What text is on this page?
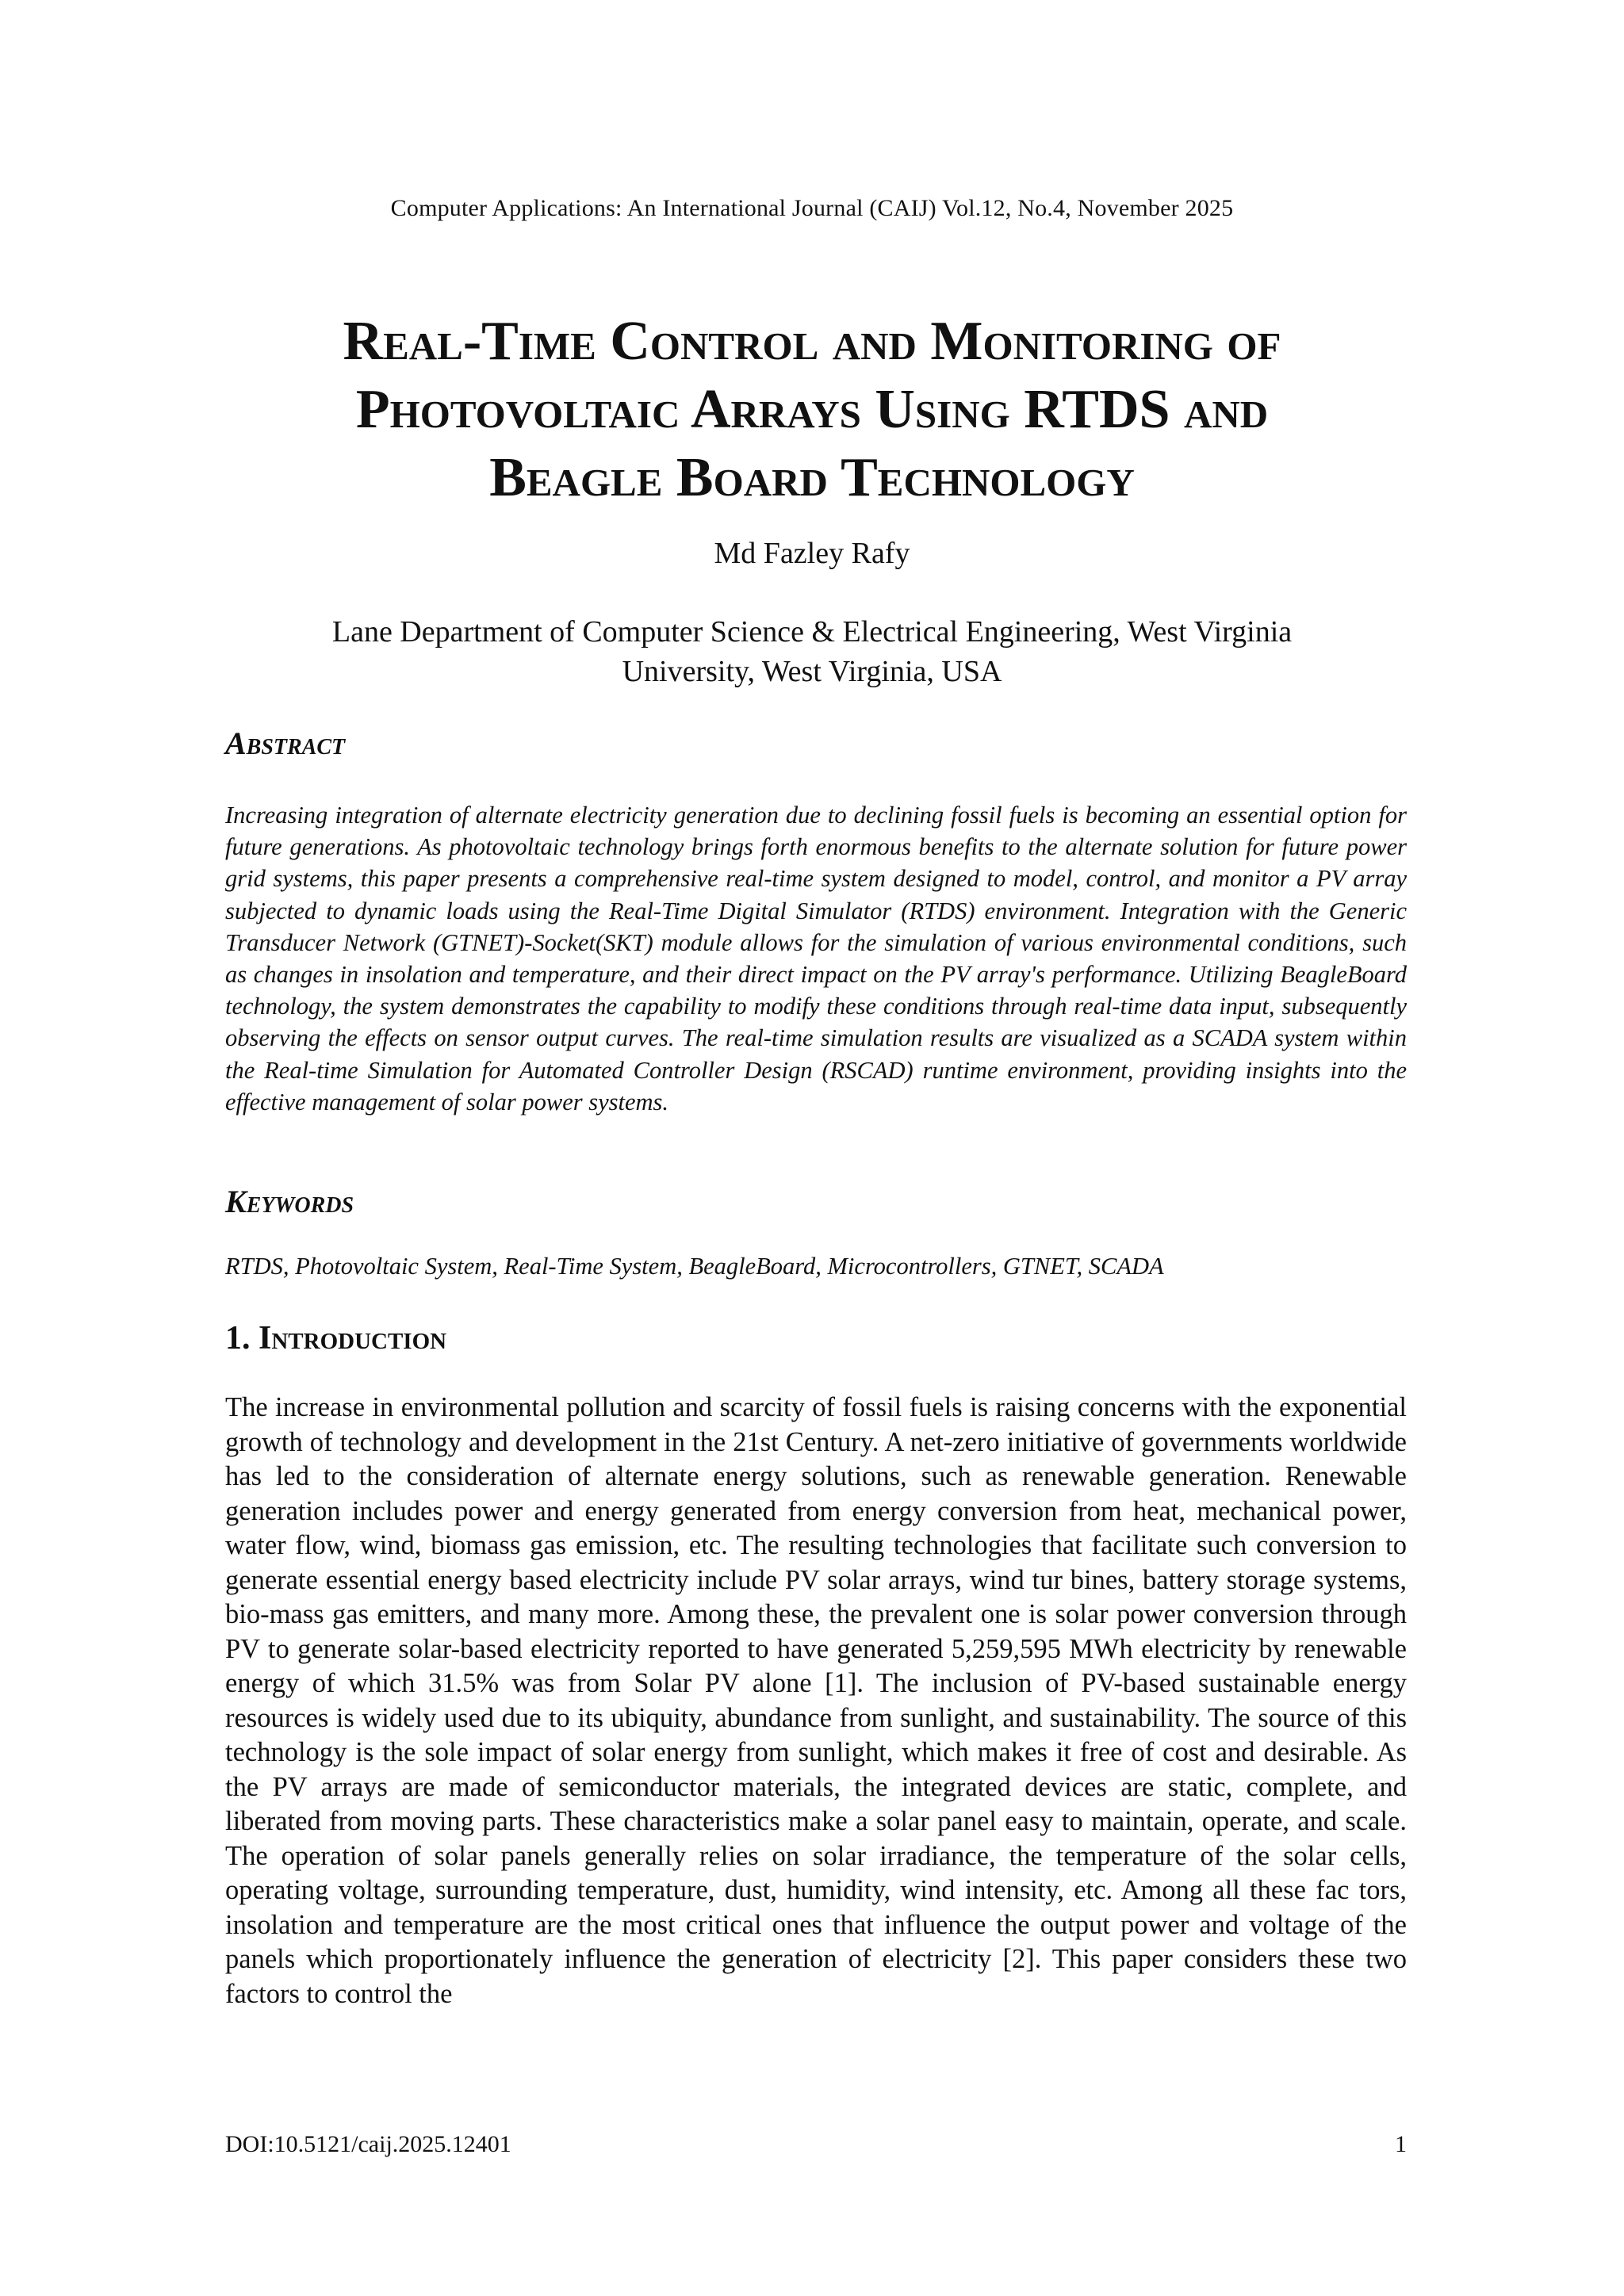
Computer Applications: An International Journal (CAIJ) Vol.12, No.4, November 2025
Real-Time Control and Monitoring of
Photovoltaic Arrays Using RTDS and
Beagle Board Technology
Md Fazley Rafy
Lane Department of Computer Science & Electrical Engineering, West Virginia
University, West Virginia, USA
Abstract
Increasing integration of alternate electricity generation due to declining fossil fuels is becoming an essential option for future generations. As photovoltaic technology brings forth enormous benefits to the alternate solution for future power grid systems, this paper presents a comprehensive real-time system designed to model, control, and monitor a PV array subjected to dynamic loads using the Real-Time Digital Simulator (RTDS) environment. Integration with the Generic Transducer Network (GTNET)-Socket(SKT) module allows for the simulation of various environmental conditions, such as changes in insolation and temperature, and their direct impact on the PV array's performance. Utilizing BeagleBoard technology, the system demonstrates the capability to modify these conditions through real-time data input, subsequently observing the effects on sensor output curves. The real-time simulation results are visualized as a SCADA system within the Real-time Simulation for Automated Controller Design (RSCAD) runtime environment, providing insights into the effective management of solar power systems.
Keywords
RTDS, Photovoltaic System, Real-Time System, BeagleBoard, Microcontrollers, GTNET, SCADA
1. Introduction
The increase in environmental pollution and scarcity of fossil fuels is raising concerns with the exponential growth of technology and development in the 21st Century. A net-zero initiative of governments worldwide has led to the consideration of alternate energy solutions, such as renewable generation. Renewable generation includes power and energy generated from energy conversion from heat, mechanical power, water flow, wind, biomass gas emission, etc. The resulting technologies that facilitate such conversion to generate essential energy based electricity include PV solar arrays, wind tur bines, battery storage systems, bio-mass gas emitters, and many more. Among these, the prevalent one is solar power conversion through PV to generate solar-based electricity reported to have generated 5,259,595 MWh electricity by renewable energy of which 31.5% was from Solar PV alone [1]. The inclusion of PV-based sustainable energy resources is widely used due to its ubiquity, abundance from sunlight, and sustainability. The source of this technology is the sole impact of solar energy from sunlight, which makes it free of cost and desirable. As the PV arrays are made of semiconductor materials, the integrated devices are static, complete, and liberated from moving parts. These characteristics make a solar panel easy to maintain, operate, and scale. The operation of solar panels generally relies on solar irradiance, the temperature of the solar cells, operating voltage, surrounding temperature, dust, humidity, wind intensity, etc. Among all these fac tors, insolation and temperature are the most critical ones that influence the output power and voltage of the panels which proportionately influence the generation of electricity [2]. This paper considers these two factors to control the
DOI:10.5121/caij.2025.12401	1
